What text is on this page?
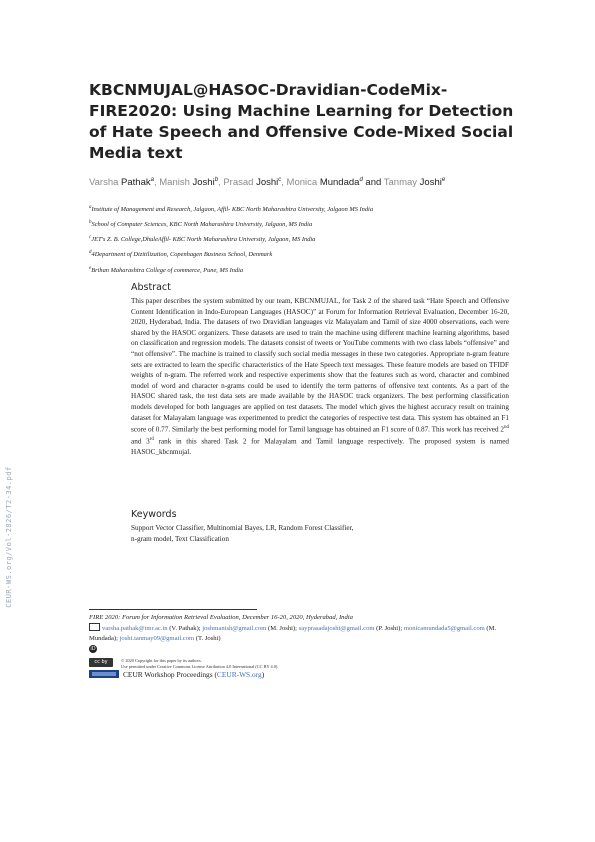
CEUR-WS.org/Vol-2826/T2-34.pdf
KBCNMUJAL@HASOC-Dravidian-CodeMix-FIRE2020: Using Machine Learning for Detection of Hate Speech and Offensive Code-Mixed Social Media text
Varsha Pathak$^a$, Manish Joshi$^b$, Prasad Joshi$^c$, Monica Mundada$^d$ and Tanmay Joshi$^e$
$^a$Institute of Management and Research, Jalgaon, Affil- KBC North Maharashtra University, Jalgaon MS India
$^b$School of Computer Sciences, KBC North Maharashtra University, Jalgaon, MS India
$^c$JET's Z. B. College,DhuleAffil- KBC North Maharashtra University, Jalgaon, MS India
$^d$4Department of Dizitilization, Copenhagen Business School, Denmark
$^e$Brihan Maharashtra College of commerce, Pune, MS India
Abstract

This paper describes the system submitted by our team, KBCNMUJAL, for Task 2 of the shared task “Hate Speech and Offensive Content Identification in Indo-European Languages (HASOC)” at Forum for Information Retrieval Evaluation, December 16-20, 2020, Hyderabad, India. The datasets of two Dravidian languages viz Malayalam and Tamil of size 4000 observations, each were shared by the HASOC organizers. These datasets are used to train the machine using different machine learning algorithms, based on classification and regression models. The datasets consist of tweets or YouTube comments with two class labels “offensive” and “not offensive”. The machine is trained to classify such social media messages in these two categories. Appropriate n-gram feature sets are extracted to learn the specific characteristics of the Hate Speech text messages. These feature models are based on TFIDF weights of n-gram. The referred work and respective experiments show that the features such as word, character and combined model of word and character n-grams could be used to identify the term patterns of offensive text contents. As a part of the HASOC shared task, the test data sets are made available by the HASOC track organizers. The best performing classification models developed for both languages are applied on test datasets. The model which gives the highest accuracy result on training dataset for Malayalam language was experimented to predict the categories of respective test data. This system has obtained an F1 score of 0.77. Similarly the best performing model for Tamil language has obtained an F1 score of 0.87. This work has received 2nd and 3rd rank in this shared Task 2 for Malayalam and Tamil language respectively. The proposed system is named HASOC_kbcnmujal.

Keywords

Support Vector Classifier, Multinomial Bayes, LR, Random Forest Classifier,
n-gram model, Text Classification

FIRE 2020: Forum for Information Retrieval Evaluation, December 16-20, 2020, Hyderabad, India
varsha.pathak@imr.ac.in (V. Pathak); joshmanish@gmail.com (M. Joshi); sayprasadajoshi@gmail.com (P. Joshi); monicamundada5@gmail.com (M. Mundada); joshi.tanmay09@gmail.com (T. Joshi)
iD
cc by	© 2020 Copyright for this paper by its authors.
Use permitted under Creative Commons License Attribution 4.0 International (CC BY 4.0).
CEUR Workshop Proceedings (CEUR-WS.org)
